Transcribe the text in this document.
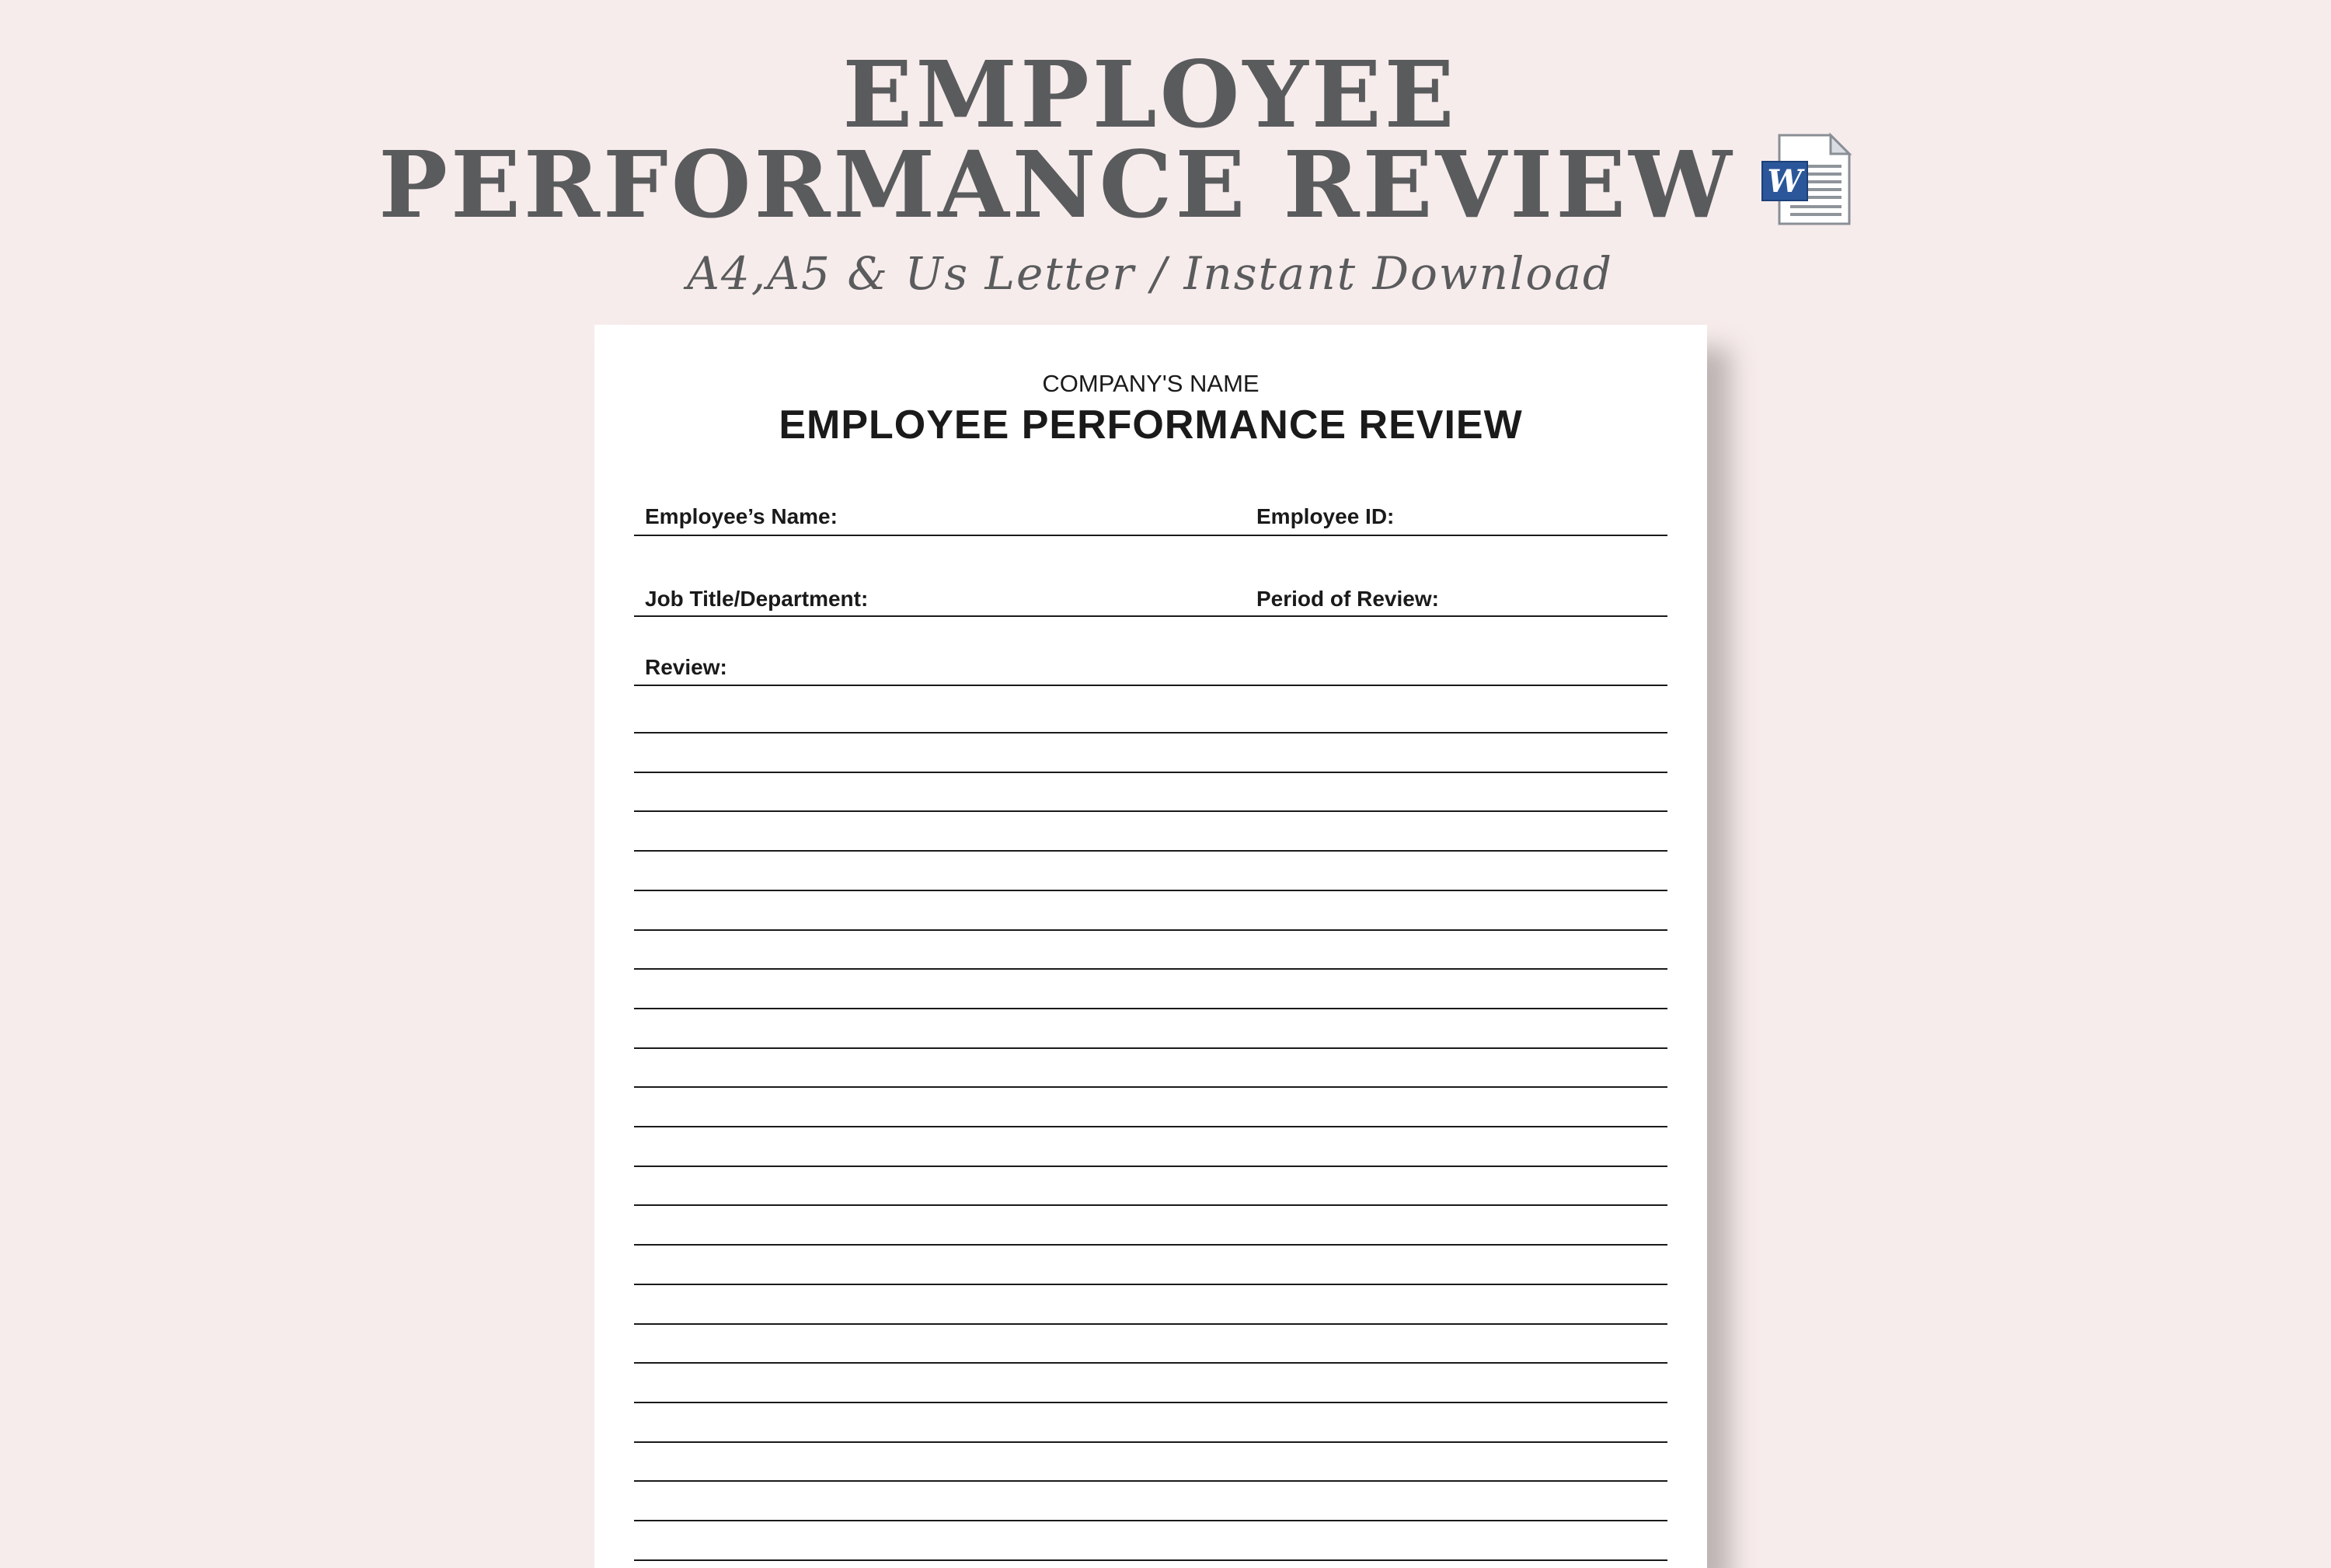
EMPLOYEE
PERFORMANCE REVIEW
A4,A5 & Us Letter / Instant Download
W
COMPANY'S NAME
EMPLOYEE PERFORMANCE REVIEW
Employee’s Name:	Employee ID:
Job Title/Department:	Period of Review:
Review:
